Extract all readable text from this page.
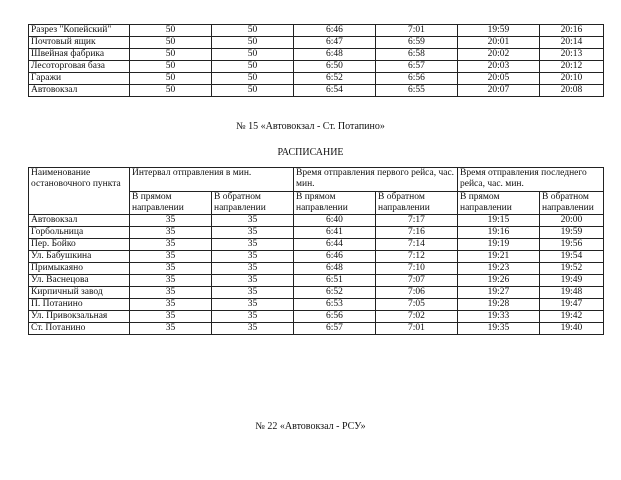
Разрез "Копейский"	50	50	6:46	7:01	19:59	20:16
Почтовый ящик	50	50	6:47	6:59	20:01	20:14
Швейная фабрика	50	50	6:48	6:58	20:02	20:13
Лесоторговая база	50	50	6:50	6:57	20:03	20:12
Гаражи	50	50	6:52	6:56	20:05	20:10
Автовокзал	50	50	6:54	6:55	20:07	20:08
№ 15 «Автовокзал - Ст. Потапино»
РАСПИСАНИЕ
Наименование остановочного пункта	Интервал отправления в мин.		Время отправления первого рейса, час. мин.		Время отправления последнего рейса, час. мин.	
	В прямом направлении	В обратном направлении	В прямом направлении	В обратном направлении	В прямом направлении	В обратном направлении
Автовокзал	35	35	6:40	7:17	19:15	20:00
Горбольница	35	35	6:41	7:16	19:16	19:59
Пер. Бойко	35	35	6:44	7:14	19:19	19:56
Ул. Бабушкина	35	35	6:46	7:12	19:21	19:54
Примыкаяно	35	35	6:48	7:10	19:23	19:52
Ул. Васнецова	35	35	6:51	7:07	19:26	19:49
Кирпичный завод	35	35	6:52	7:06	19:27	19:48
П. Потанино	35	35	6:53	7:05	19:28	19:47
Ул. Привокзальная	35	35	6:56	7:02	19:33	19:42
Ст. Потанино	35	35	6:57	7:01	19:35	19:40
№ 22 «Автовокзал - РСУ»
